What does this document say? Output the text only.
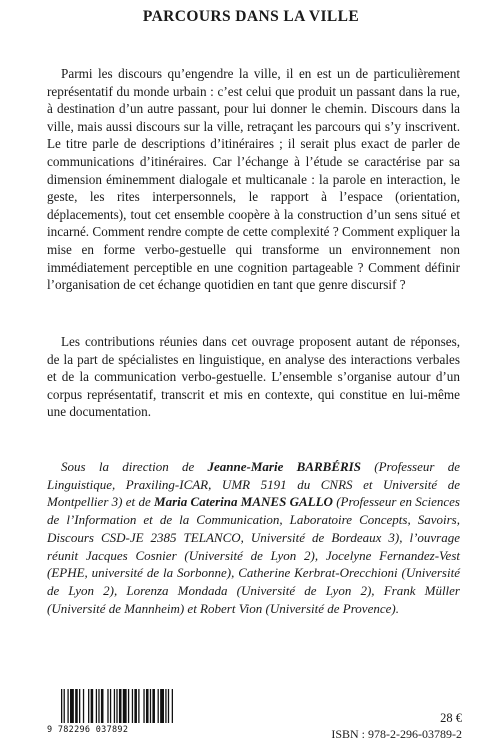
PARCOURS DANS LA VILLE

Parmi les discours qu’engendre la ville, il en est un de particulièrement représentatif du monde urbain : c’est celui que produit un passant dans la rue, à destination d’un autre passant, pour lui donner le chemin. Discours dans la ville, mais aussi discours sur la ville, retraçant les parcours qui s’y inscrivent. Le titre parle de descriptions d’itinéraires ; il serait plus exact de parler de communications d’itinéraires. Car l’échange à l’étude se caractérise par sa dimension éminemment dialogale et multicanale : la parole en interaction, le geste, les rites interpersonnels, le rapport à l’espace (orientation, déplacements), tout cet ensemble coopère à la construction d’un sens situé et incarné. Comment rendre compte de cette complexité ? Comment expliquer la mise en forme verbo-gestuelle qui transforme un environnement non immédiatement perceptible en une cognition partageable ? Comment définir l’organisation de cet échange quotidien en tant que genre discursif ?

Les contributions réunies dans cet ouvrage proposent autant de réponses, de la part de spécialistes en linguistique, en analyse des interactions verbales et de la communication verbo-gestuelle. L’ensemble s’organise autour d’un corpus représentatif, transcrit et mis en contexte, qui constitue en lui-même une documentation.

Sous la direction de Jeanne-Marie BARBÉRIS (Professeur de Linguistique, Praxiling-ICAR, UMR 5191 du CNRS et Université de Montpellier 3) et de Maria Caterina MANES GALLO (Professeur en Sciences de l’Information et de la Communication, Laboratoire Concepts, Savoirs, Discours CSD-JE 2385 TELANCO, Université de Bordeaux 3), l’ouvrage réunit Jacques Cosnier (Université de Lyon 2), Jocelyne Fernandez-Vest (EPHE, université de la Sorbonne), Catherine Kerbrat-Orecchioni (Université de Lyon 2), Lorenza Mondada (Université de Lyon 2), Frank Müller (Université de Mannheim) et Robert Vion (Université de Provence).

9 782296 037892
28 €
ISBN : 978-2-296-03789-2
